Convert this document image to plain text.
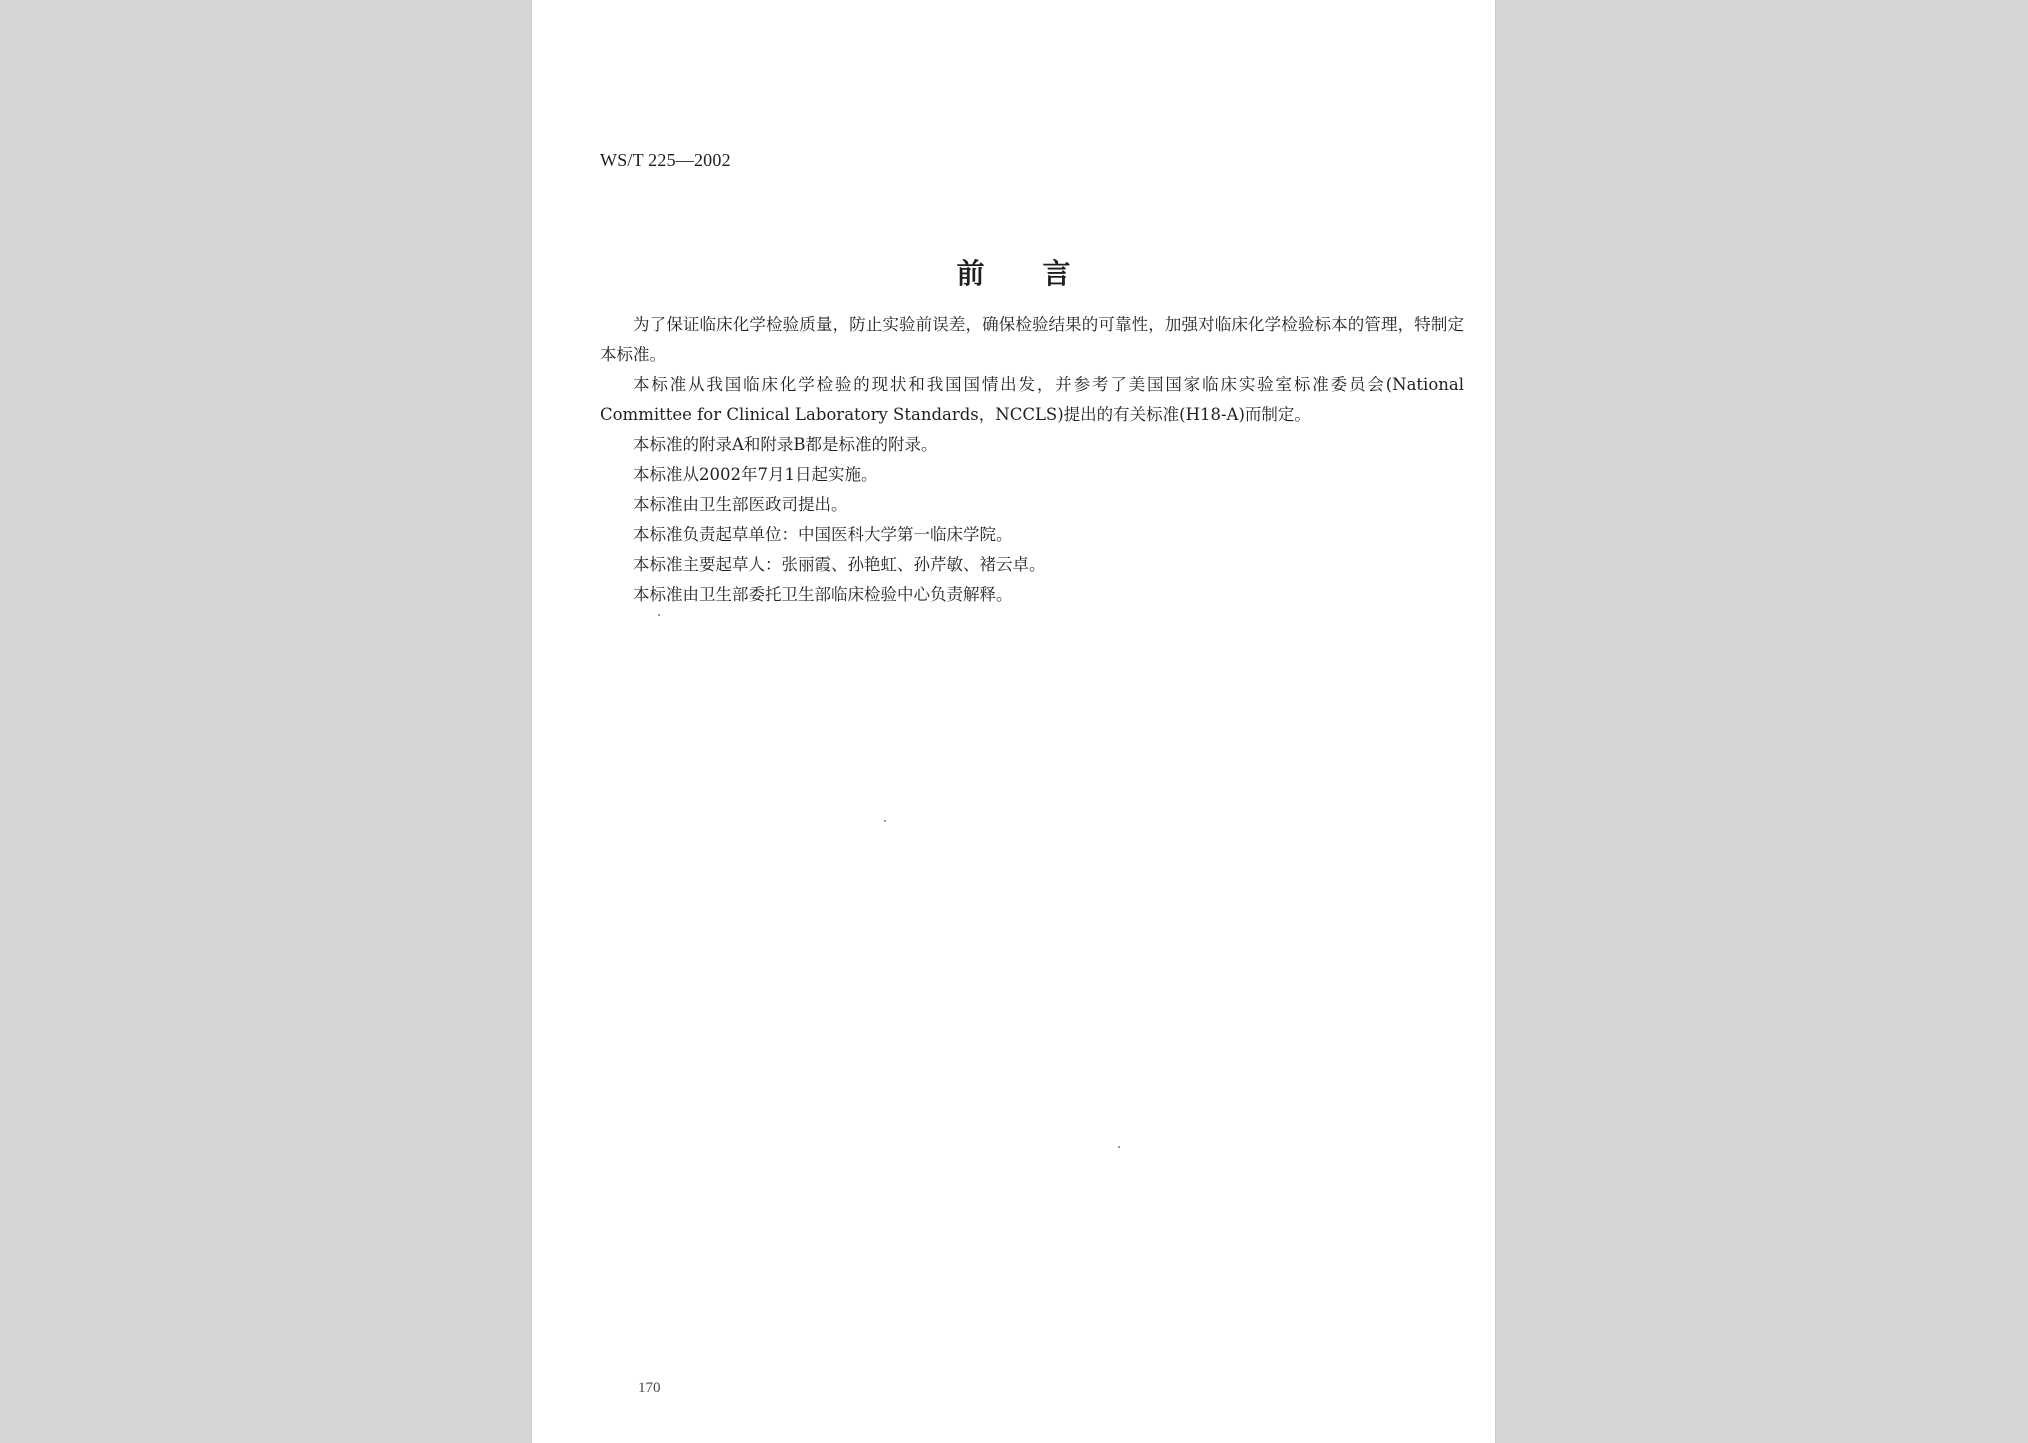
WS/T 225—2002
前言

为了保证临床化学检验质量，防止实验前误差，确保检验结果的可靠性，加强对临床化学检验标本的管理，特制定本标准。

本标准从我国临床化学检验的现状和我国国情出发，并参考了美国国家临床实验室标准委员会(National Committee for Clinical Laboratory Standards，NCCLS)提出的有关标准(H18-A)而制定。

本标准的附录A和附录B都是标准的附录。

本标准从2002年7月1日起实施。

本标准由卫生部医政司提出。

本标准负责起草单位：中国医科大学第一临床学院。

本标准主要起草人：张丽霞、孙艳虹、孙芹敏、褚云卓。

本标准由卫生部委托卫生部临床检验中心负责解释。

170
